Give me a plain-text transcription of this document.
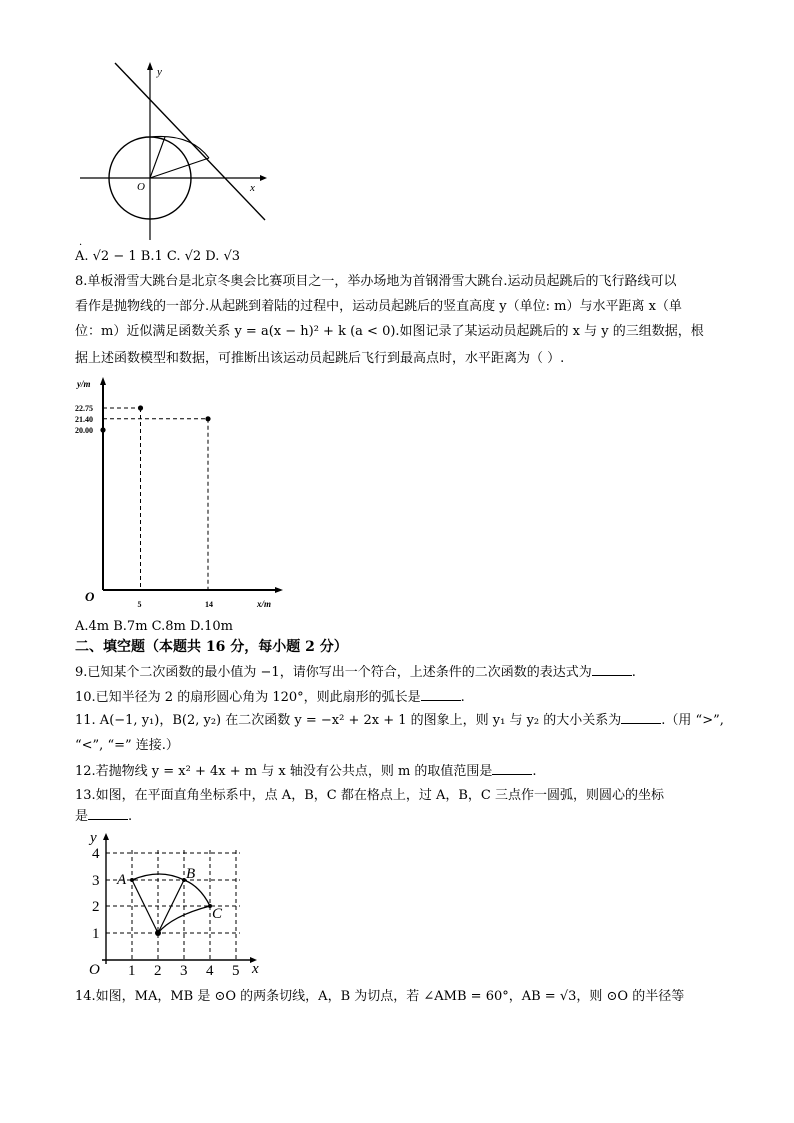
y
x
O
·
A. √2 − 1 B.1 C. √2 D. √3
8.单板滑雪大跳台是北京冬奥会比赛项目之一，举办场地为首钢滑雪大跳台.运动员起跳后的飞行路线可以
看作是抛物线的一部分.从起跳到着陆的过程中，运动员起跳后的竖直高度 y（单位: m）与水平距离 x（单
位：m）近似满足函数关系 y = a(x − h)² + k (a < 0).如图记录了某运动员起跳后的 x 与 y 的三组数据，根
据上述函数模型和数据，可推断出该运动员起跳后飞行到最高点时，水平距离为（ ）.
y/m
x/m
O
22.75
21.40
20.00
5	14
A.4m B.7m C.8m D.10m
二、填空题（本题共 16 分，每小题 2 分）
9.已知某个二次函数的最小值为 −1，请你写出一个符合，上述条件的二次函数的表达式为	.
10.已知半径为 2 的扇形圆心角为 120°，则此扇形的弧长是	.
11. A(−1, y₁)，B(2, y₂) 在二次函数 y = −x² + 2x + 1 的图象上，则 y₁ 与 y₂ 的大小关系为	.（用 “>”,
“<”, “=” 连接.）
12.若抛物线 y = x² + 4x + m 与 x 轴没有公共点，则 m 的取值范围是	.
13.如图，在平面直角坐标系中，点 A，B，C 都在格点上，过 A，B，C 三点作一圆弧，则圆心的坐标
是	.
x
y
O 1 2 3 4 5
1
2
3
4
A	B
C
14.如图，MA，MB 是 ⊙O 的两条切线，A，B 为切点，若 ∠AMB = 60°，AB = √3，则 ⊙O 的半径等
